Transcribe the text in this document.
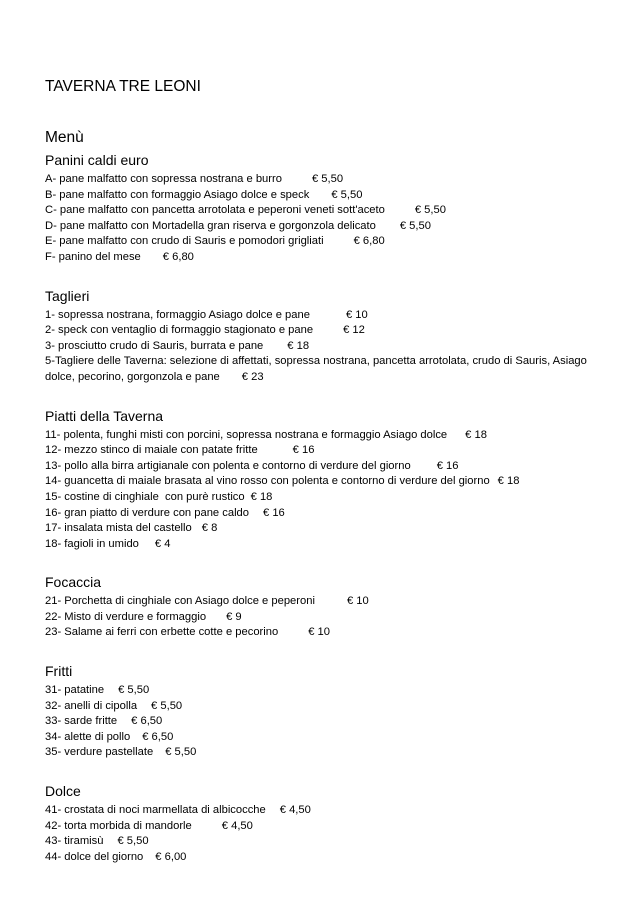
TAVERNA TRE LEONI
Menù
Panini caldi euro
A- pane malfatto con sopressa nostrana e burro	€ 5,50
B- pane malfatto con formaggio Asiago dolce e speck € 5,50
C- pane malfatto con pancetta arrotolata e peperoni veneti sott'aceto	€ 5,50
D- pane malfatto con Mortadella gran riserva e gorgonzola delicato € 5,50
E- pane malfatto con crudo di Sauris e pomodori grigliati	€ 6,80
F- panino del mese € 6,80
Taglieri
1- sopressa nostrana, formaggio Asiago dolce e pane	€ 10
2- speck con ventaglio di formaggio stagionato e pane	€ 12
3- prosciutto crudo di Sauris, burrata e pane € 18
5-Tagliere delle Taverna: selezione di affettati, sopressa nostrana, pancetta arrotolata, crudo di Sauris, Asiago dolce, pecorino, gorgonzola e pane € 23
Piatti della Taverna
11- polenta, funghi misti con porcini, sopressa nostrana e formaggio Asiago dolce € 18
12- mezzo stinco di maiale con patate fritte	€ 16
13- pollo alla birra artigianale con polenta e contorno di verdure del giorno € 16
14- guancetta di maiale brasata al vino rosso con polenta e contorno di verdure del giorno € 18
15- costine di cinghiale  con purè rustico € 18
16- gran piatto di verdure con pane caldo € 16
17- insalata mista del castello € 8
18- fagioli in umido € 4
Focaccia
21- Porchetta di cinghiale con Asiago dolce e peperoni	€ 10
22- Misto di verdure e formaggio € 9
23- Salame ai ferri con erbette cotte e pecorino	€ 10
Fritti
31- patatine € 5,50
32- anelli di cipolla € 5,50
33- sarde fritte € 6,50
34- alette di pollo € 6,50
35- verdure pastellate € 5,50
Dolce
41- crostata di noci marmellata di albicocche € 4,50
42- torta morbida di mandorle	€ 4,50
43- tiramisù € 5,50
44- dolce del giorno € 6,00
